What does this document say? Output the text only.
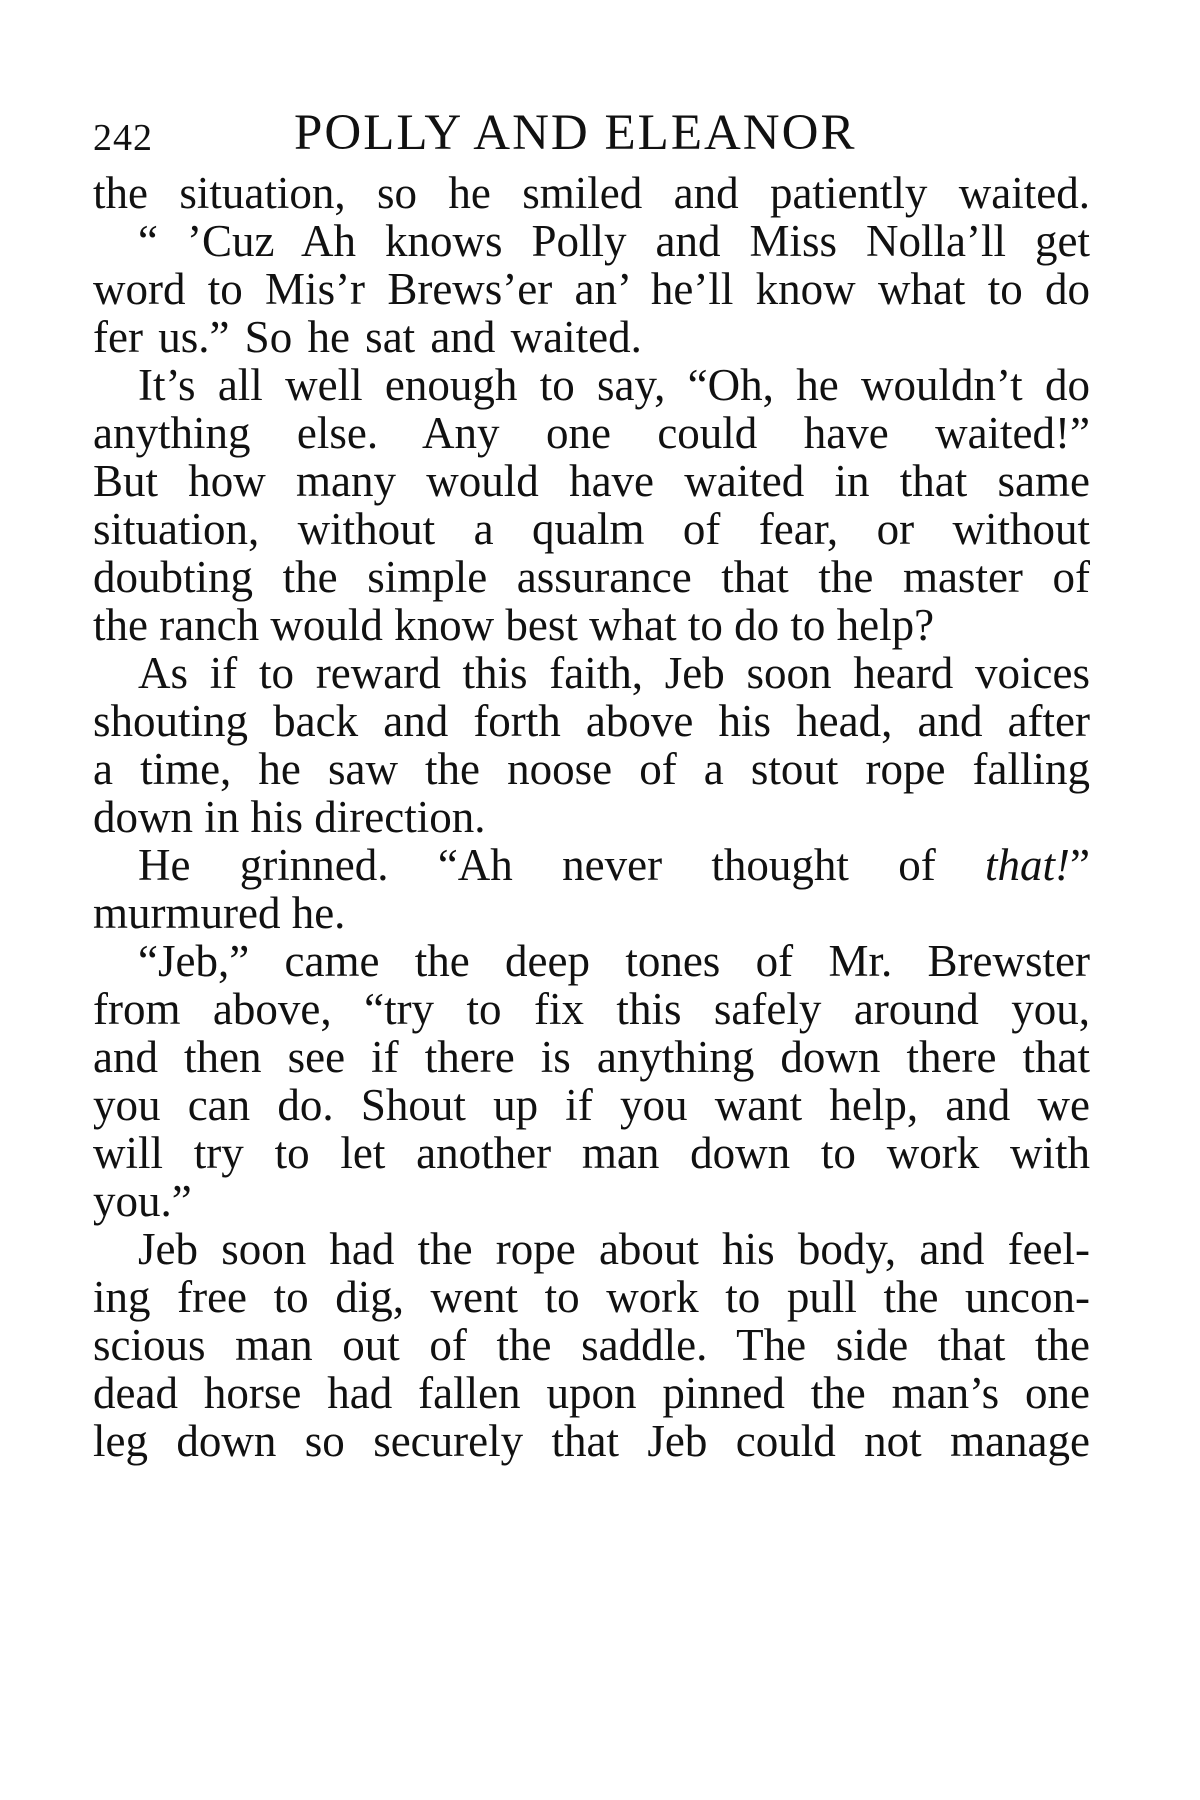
242	POLLY AND ELEANOR
the situation, so he smiled and patiently waited.
“ ’Cuz Ah knows Polly and Miss Nolla’ll get
word to Mis’r Brews’er an’ he’ll know what to do
fer us.” So he sat and waited.
It’s all well enough to say, “Oh, he wouldn’t do
anything else. Any one could have waited!”
But how many would have waited in that same
situation, without a qualm of fear, or without
doubting the simple assurance that the master of
the ranch would know best what to do to help?
As if to reward this faith, Jeb soon heard voices
shouting back and forth above his head, and after
a time, he saw the noose of a stout rope falling
down in his direction.
He grinned. “Ah never thought of that!”
murmured he.
“Jeb,” came the deep tones of Mr. Brewster
from above, “try to fix this safely around you,
and then see if there is anything down there that
you can do. Shout up if you want help, and we
will try to let another man down to work with
you.”
Jeb soon had the rope about his body, and feel-
ing free to dig, went to work to pull the uncon-
scious man out of the saddle. The side that the
dead horse had fallen upon pinned the man’s one
leg down so securely that Jeb could not manage
